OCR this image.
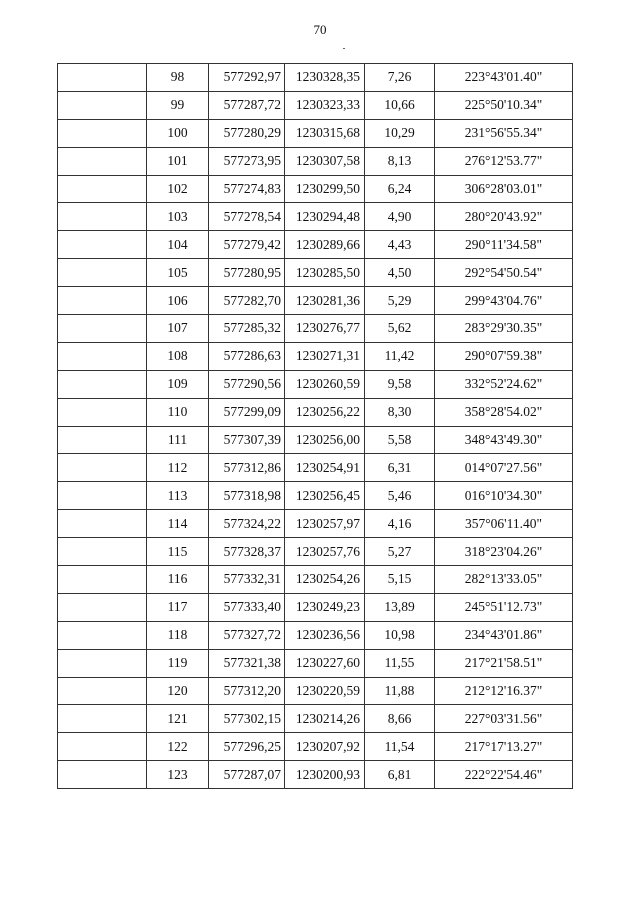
70
	98	577292,97	1230328,35	7,26	223°43'01.40"
	99	577287,72	1230323,33	10,66	225°50'10.34"
	100	577280,29	1230315,68	10,29	231°56'55.34"
	101	577273,95	1230307,58	8,13	276°12'53.77"
	102	577274,83	1230299,50	6,24	306°28'03.01"
	103	577278,54	1230294,48	4,90	280°20'43.92"
	104	577279,42	1230289,66	4,43	290°11'34.58"
	105	577280,95	1230285,50	4,50	292°54'50.54"
	106	577282,70	1230281,36	5,29	299°43'04.76"
	107	577285,32	1230276,77	5,62	283°29'30.35"
	108	577286,63	1230271,31	11,42	290°07'59.38"
	109	577290,56	1230260,59	9,58	332°52'24.62"
	110	577299,09	1230256,22	8,30	358°28'54.02"
	111	577307,39	1230256,00	5,58	348°43'49.30"
	112	577312,86	1230254,91	6,31	014°07'27.56"
	113	577318,98	1230256,45	5,46	016°10'34.30"
	114	577324,22	1230257,97	4,16	357°06'11.40"
	115	577328,37	1230257,76	5,27	318°23'04.26"
	116	577332,31	1230254,26	5,15	282°13'33.05"
	117	577333,40	1230249,23	13,89	245°51'12.73"
	118	577327,72	1230236,56	10,98	234°43'01.86"
	119	577321,38	1230227,60	11,55	217°21'58.51"
	120	577312,20	1230220,59	11,88	212°12'16.37"
	121	577302,15	1230214,26	8,66	227°03'31.56"
	122	577296,25	1230207,92	11,54	217°17'13.27"
	123	577287,07	1230200,93	6,81	222°22'54.46"
